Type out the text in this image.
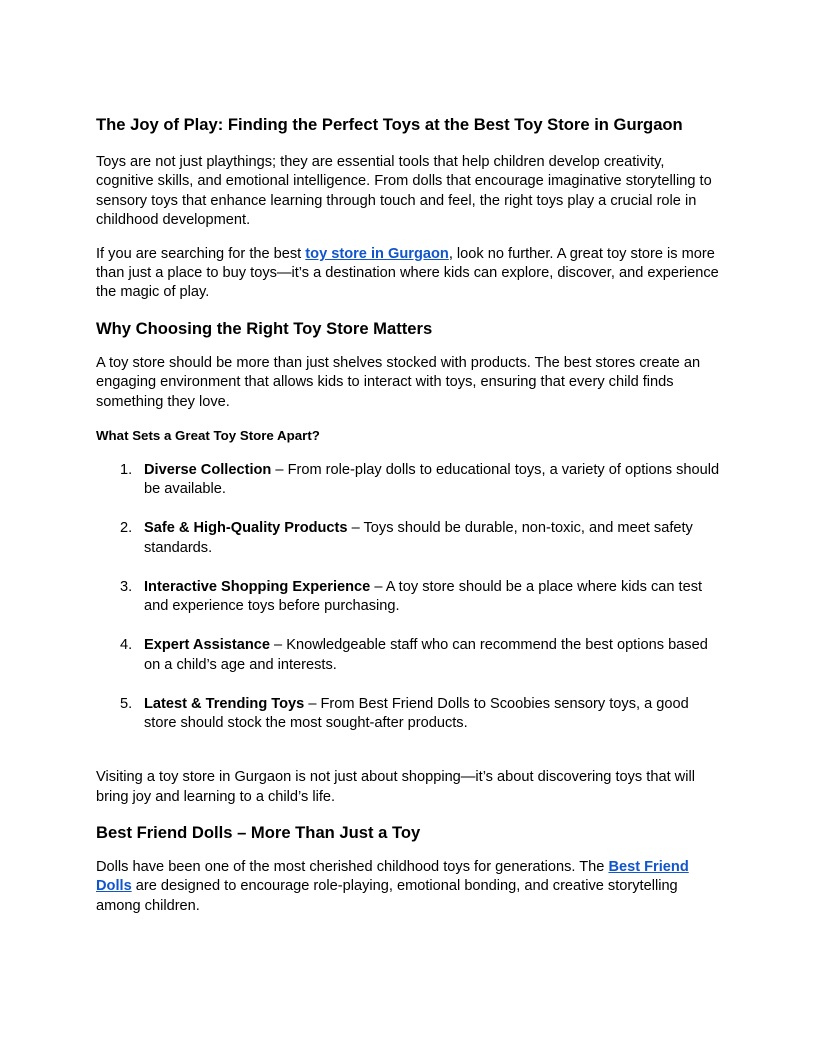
The Joy of Play: Finding the Perfect Toys at the Best Toy Store in Gurgaon

Toys are not just playthings; they are essential tools that help children develop creativity, cognitive skills, and emotional intelligence. From dolls that encourage imaginative storytelling to sensory toys that enhance learning through touch and feel, the right toys play a crucial role in childhood development.

If you are searching for the best toy store in Gurgaon, look no further. A great toy store is more than just a place to buy toys—it’s a destination where kids can explore, discover, and experience the magic of play.

Why Choosing the Right Toy Store Matters

A toy store should be more than just shelves stocked with products. The best stores create an engaging environment that allows kids to interact with toys, ensuring that every child finds something they love.

What Sets a Great Toy Store Apart?
1. Diverse Collection – From role-play dolls to educational toys, a variety of options should be available.
2. Safe & High-Quality Products – Toys should be durable, non-toxic, and meet safety standards.
3. Interactive Shopping Experience – A toy store should be a place where kids can test and experience toys before purchasing.
4. Expert Assistance – Knowledgeable staff who can recommend the best options based on a child’s age and interests.
5. Latest & Trending Toys – From Best Friend Dolls to Scoobies sensory toys, a good store should stock the most sought-after products.

Visiting a toy store in Gurgaon is not just about shopping—it’s about discovering toys that will bring joy and learning to a child’s life.

Best Friend Dolls – More Than Just a Toy

Dolls have been one of the most cherished childhood toys for generations. The Best Friend Dolls are designed to encourage role-playing, emotional bonding, and creative storytelling among children.
